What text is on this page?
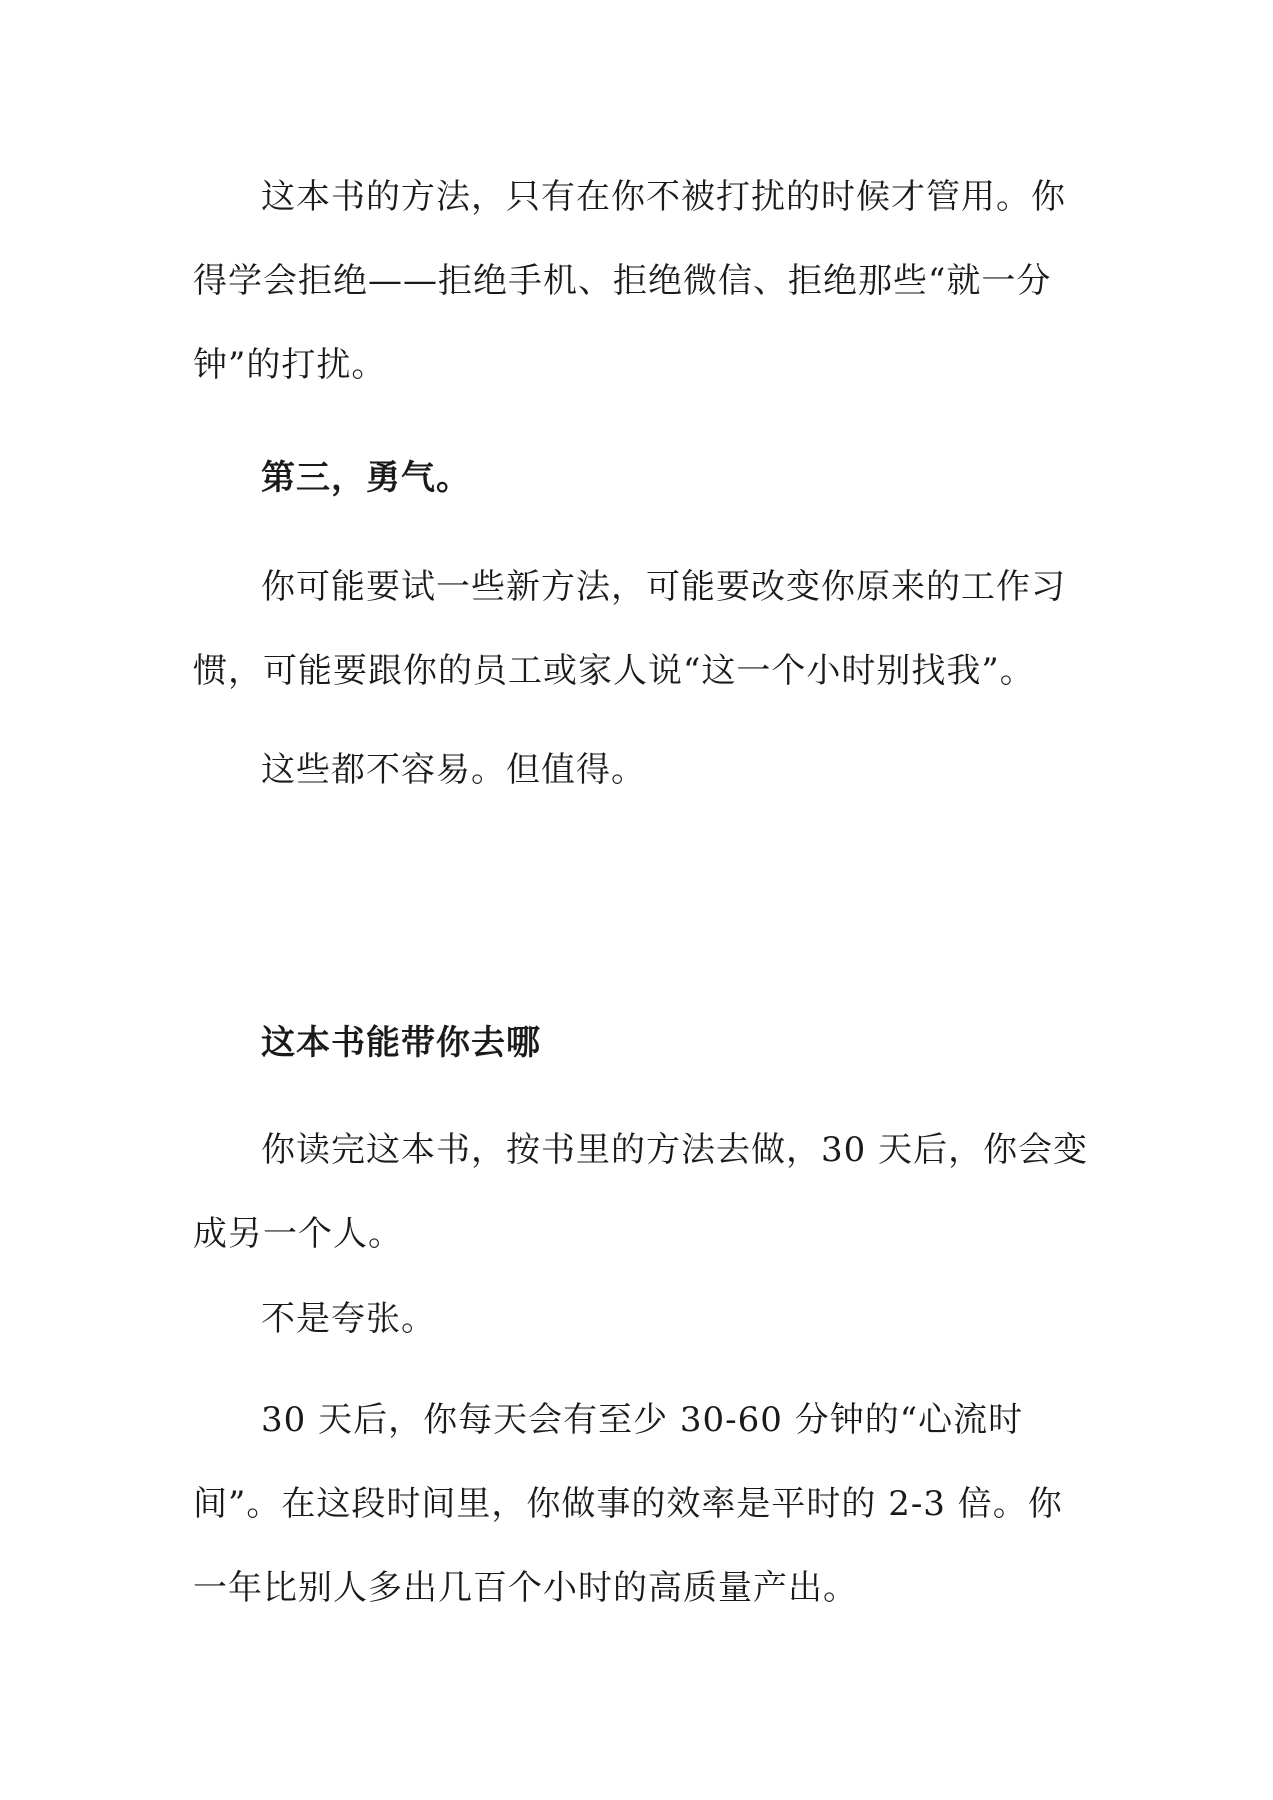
这本书的方法，只有在你不被打扰的时候才管用。你得学会拒绝——拒绝手机、拒绝微信、拒绝那些“就一分钟”的打扰。

第三，勇气。

你可能要试一些新方法，可能要改变你原来的工作习惯，可能要跟你的员工或家人说“这一个小时别找我”。

这些都不容易。但值得。

这本书能带你去哪

你读完这本书，按书里的方法去做，30 天后，你会变成另一个人。

不是夸张。

30 天后，你每天会有至少 30-60 分钟的“心流时间”。在这段时间里，你做事的效率是平时的 2-3 倍。你一年比别人多出几百个小时的高质量产出。
